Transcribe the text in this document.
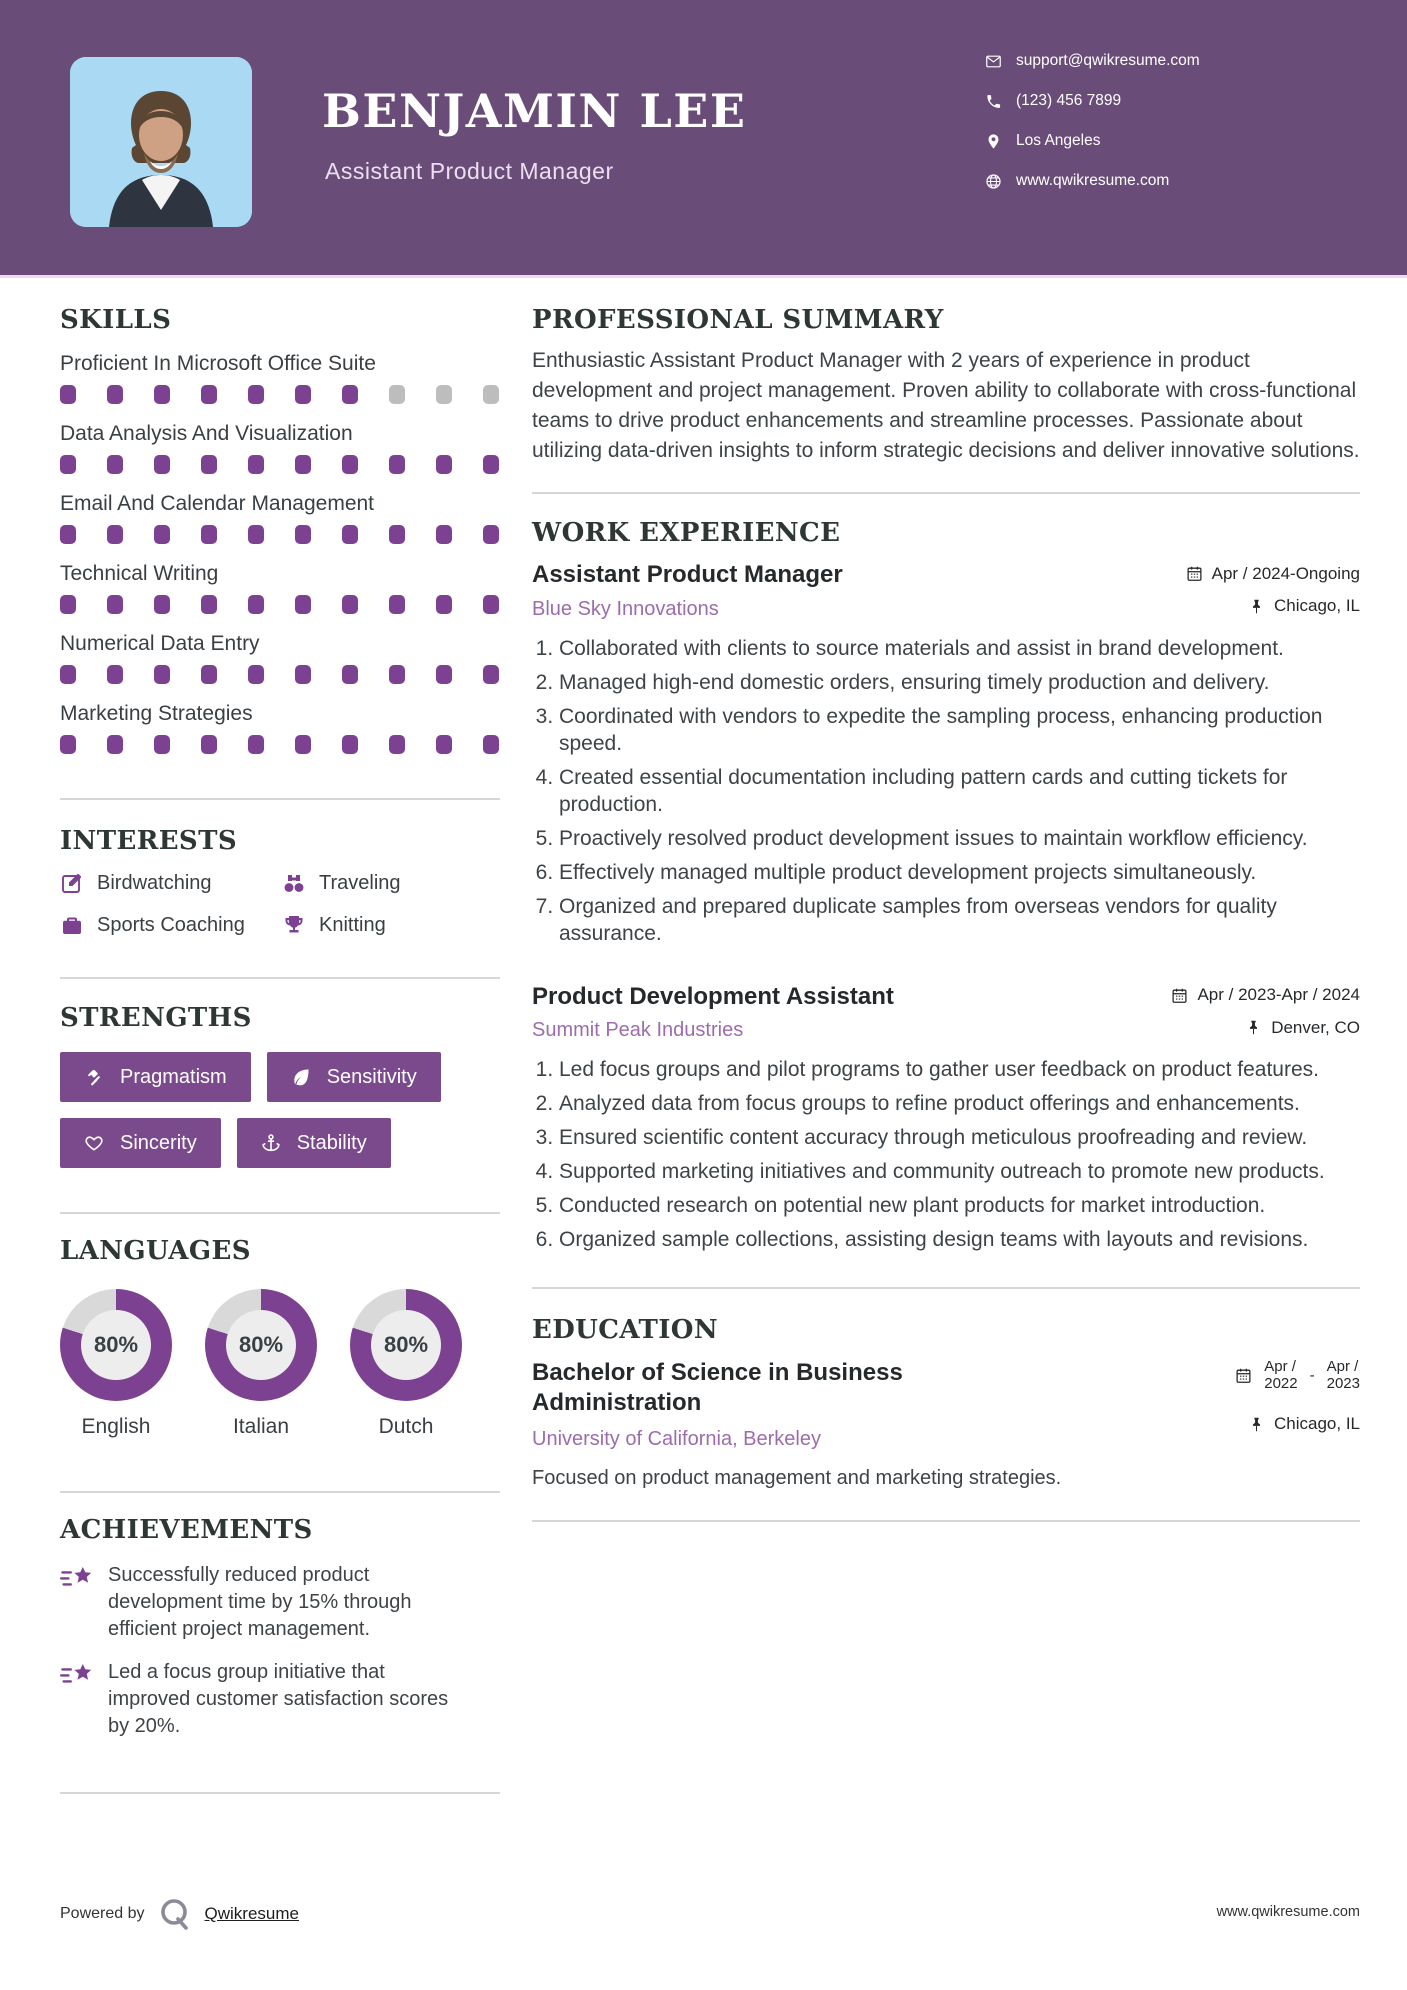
BENJAMIN LEE
Assistant Product Manager
support@qwikresume.com
(123) 456 7899
Los Angeles
www.qwikresume.com
SKILLS
Proficient In Microsoft Office Suite
Data Analysis And Visualization
Email And Calendar Management
Technical Writing
Numerical Data Entry
Marketing Strategies
INTERESTS
Birdwatching	Traveling
Sports Coaching	Knitting
STRENGTHS
Pragmatism	Sensitivity
Sincerity	Stability
LANGUAGES
80%
English
80%
Italian
80%
Dutch
ACHIEVEMENTS
Successfully reduced product development time by 15% through efficient project management.
Led a focus group initiative that improved customer satisfaction scores by 20%.
PROFESSIONAL SUMMARY
Enthusiastic Assistant Product Manager with 2 years of experience in product development and project management. Proven ability to collaborate with cross-functional teams to drive product enhancements and streamline processes. Passionate about utilizing data-driven insights to inform strategic decisions and deliver innovative solutions.
WORK EXPERIENCE
Assistant Product Manager	Apr / 2024-Ongoing
Blue Sky Innovations	Chicago, IL
1. Collaborated with clients to source materials and assist in brand development.
2. Managed high-end domestic orders, ensuring timely production and delivery.
3. Coordinated with vendors to expedite the sampling process, enhancing production speed.
4. Created essential documentation including pattern cards and cutting tickets for production.
5. Proactively resolved product development issues to maintain workflow efficiency.
6. Effectively managed multiple product development projects simultaneously.
7. Organized and prepared duplicate samples from overseas vendors for quality assurance.
Product Development Assistant	Apr / 2023-Apr / 2024
Summit Peak Industries	Denver, CO
1. Led focus groups and pilot programs to gather user feedback on product features.
2. Analyzed data from focus groups to refine product offerings and enhancements.
3. Ensured scientific content accuracy through meticulous proofreading and review.
4. Supported marketing initiatives and community outreach to promote new products.
5. Conducted research on potential new plant products for market introduction.
6. Organized sample collections, assisting design teams with layouts and revisions.
EDUCATION
Bachelor of Science in Business Administration
University of California, Berkeley
Focused on product management and marketing strategies.
Apr /
2022 - Apr /
2023
Chicago, IL
Powered by	Qwikresume	www.qwikresume.com
